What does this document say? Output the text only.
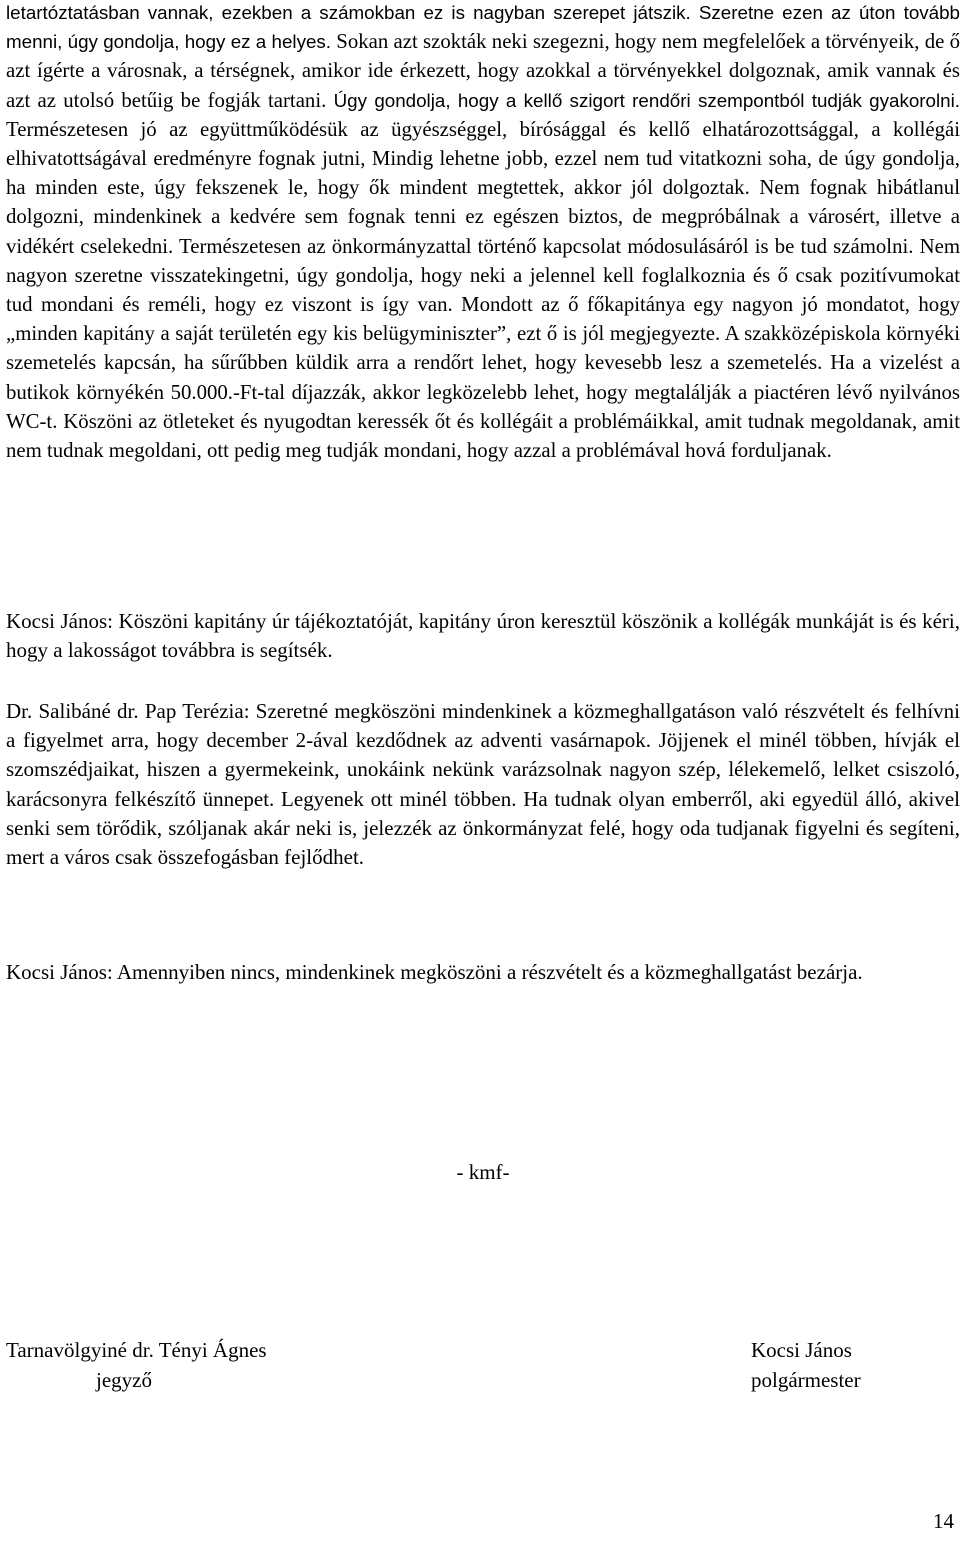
letartóztatásban vannak, ezekben a számokban ez is nagyban szerepet játszik. Szeretne ezen az úton tovább menni, úgy gondolja, hogy ez a helyes. Sokan azt szokták neki szegezni, hogy nem megfelelőek a törvényeik, de ő azt ígérte a városnak, a térségnek, amikor ide érkezett, hogy azokkal a törvényekkel dolgoznak, amik vannak és azt az utolsó betűig be fogják tartani. Úgy gondolja, hogy a kellő szigort rendőri szempontból tudják gyakorolni. Természetesen jó az együttműködésük az ügyészséggel, bírósággal és kellő elhatározottsággal, a kollégái elhivatottságával eredményre fognak jutni, Mindig lehetne jobb, ezzel nem tud vitatkozni soha, de úgy gondolja, ha minden este, úgy fekszenek le, hogy ők mindent megtettek, akkor jól dolgoztak. Nem fognak hibátlanul dolgozni, mindenkinek a kedvére sem fognak tenni ez egészen biztos, de megpróbálnak a városért, illetve a vidékért cselekedni. Természetesen az önkormányzattal történő kapcsolat módosulásáról is be tud számolni. Nem nagyon szeretne visszatekingetni, úgy gondolja, hogy neki a jelennel kell foglalkoznia és ő csak pozitívumokat tud mondani és reméli, hogy ez viszont is így van. Mondott az ő főkapitánya egy nagyon jó mondatot, hogy „minden kapitány a saját területén egy kis belügyminiszter”, ezt ő is jól megjegyezte. A szakközépiskola környéki szemetelés kapcsán, ha sűrűbben küldik arra a rendőrt lehet, hogy kevesebb lesz a szemetelés. Ha a vizelést a butikok környékén 50.000.-Ft-tal díjazzák, akkor legközelebb lehet, hogy megtalálják a piactéren lévő nyilvános WC-t. Köszöni az ötleteket és nyugodtan keressék őt és kollégáit a problémáikkal, amit tudnak megoldanak, amit nem tudnak megoldani, ott pedig meg tudják mondani, hogy azzal a problémával hová forduljanak.

Kocsi János: Köszöni kapitány úr tájékoztatóját, kapitány úron keresztül köszönik a kollégák munkáját is és kéri, hogy a lakosságot továbbra is segítsék.

Dr. Salibáné dr. Pap Terézia: Szeretné megköszöni mindenkinek a közmeghallgatáson való részvételt és felhívni a figyelmet arra, hogy december 2-ával kezdődnek az adventi vasárnapok. Jöjjenek el minél többen, hívják el szomszédjaikat, hiszen a gyermekeink, unokáink nekünk varázsolnak nagyon szép, lélekemelő, lelket csiszoló, karácsonyra felkészítő ünnepet. Legyenek ott minél többen. Ha tudnak olyan emberről, aki egyedül álló, akivel senki sem törődik, szóljanak akár neki is, jelezzék az önkormányzat felé, hogy oda tudjanak figyelni és segíteni, mert a város csak összefogásban fejlődhet.

Kocsi János: Amennyiben nincs, mindenkinek megköszöni a részvételt és a közmeghallgatást bezárja.

- kmf-

Tarnavölgyiné dr. Tényi Ágnes
jegyző
Kocsi János
polgármester
14
